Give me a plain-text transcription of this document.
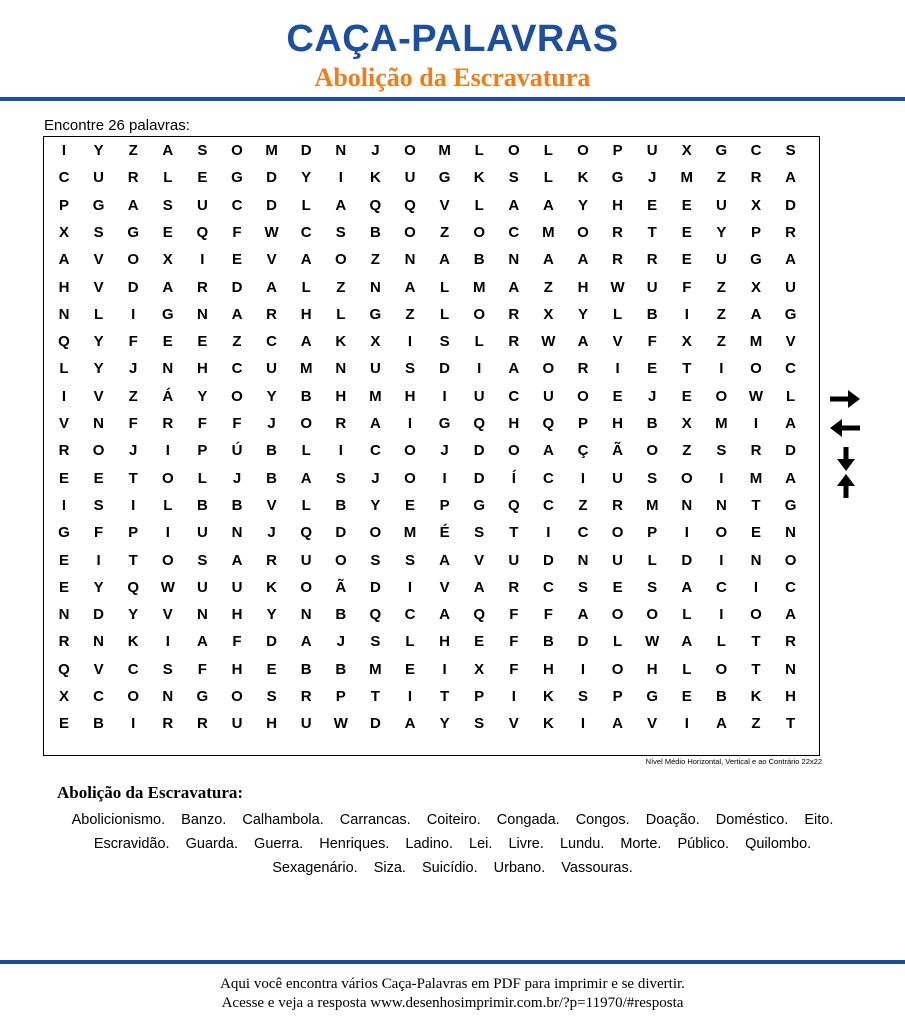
CAÇA-PALAVRAS
Abolição da Escravatura
Encontre 26 palavras:
I	Y	Z	A	S	O	M	D	N	J	O	M	L	O	L	O	P	U	X	G	C	S
C	U	R	L	E	G	D	Y	I	K	U	G	K	S	L	K	G	J	M	Z	R	A
P	G	A	S	U	C	D	L	A	Q	Q	V	L	A	A	Y	H	E	E	U	X	D
X	S	G	E	Q	F	W	C	S	B	O	Z	O	C	M	O	R	T	E	Y	P	R
A	V	O	X	I	E	V	A	O	Z	N	A	B	N	A	A	R	R	E	U	G	A
H	V	D	A	R	D	A	L	Z	N	A	L	M	A	Z	H	W	U	F	Z	X	U
N	L	I	G	N	A	R	H	L	G	Z	L	O	R	X	Y	L	B	I	Z	A	G
Q	Y	F	E	E	Z	C	A	K	X	I	S	L	R	W	A	V	F	X	Z	M	V
L	Y	J	N	H	C	U	M	N	U	S	D	I	A	O	R	I	E	T	I	O	C
I	V	Z	Á	Y	O	Y	B	H	M	H	I	U	C	U	O	E	J	E	O	W	L
V	N	F	R	F	F	J	O	R	A	I	G	Q	H	Q	P	H	B	X	M	I	A
R	O	J	I	P	Ú	B	L	I	C	O	J	D	O	A	Ç	Ã	O	Z	S	R	D
E	E	T	O	L	J	B	A	S	J	O	I	D	Í	C	I	U	S	O	I	M	A
I	S	I	L	B	B	V	L	B	Y	E	P	G	Q	C	Z	R	M	N	N	T	G
G	F	P	I	U	N	J	Q	D	O	M	É	S	T	I	C	O	P	I	O	E	N
E	I	T	O	S	A	R	U	O	S	S	A	V	U	D	N	U	L	D	I	N	O
E	Y	Q	W	U	U	K	O	Ã	D	I	V	A	R	C	S	E	S	A	C	I	C
N	D	Y	V	N	H	Y	N	B	Q	C	A	Q	F	F	A	O	O	L	I	O	A
R	N	K	I	A	F	D	A	J	S	L	H	E	F	B	D	L	W	A	L	T	R
Q	V	C	S	F	H	E	B	B	M	E	I	X	F	H	I	O	H	L	O	T	N
X	C	O	N	G	O	S	R	P	T	I	T	P	I	K	S	P	G	E	B	K	H
E	B	I	R	R	U	H	U	W	D	A	Y	S	V	K	I	A	V	I	A	Z	T
Nível Médio Horizontal, Vertical e ao Contrário 22x22
Abolição da Escravatura:
Abolicionismo. Banzo. Calhambola. Carrancas. Coiteiro. Congada. Congos. Doação. Doméstico. Eito. Escravidão. Guarda. Guerra. Henriques. Ladino. Lei. Livre. Lundu. Morte. Público. Quilombo. Sexagenário. Siza. Suicídio. Urbano. Vassouras.
Aqui você encontra vários Caça-Palavras em PDF para imprimir e se divertir.
Acesse e veja a resposta www.desenhosimprimir.com.br/?p=11970/#resposta
